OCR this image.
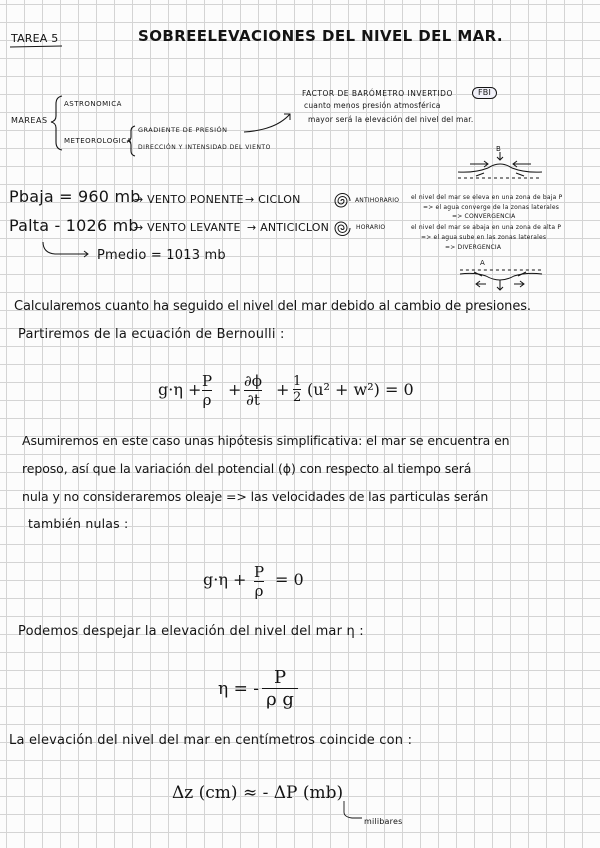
TAREA 5	SOBREELEVACIONES DEL NIVEL DEL MAR.
MAREAS
ASTRONOMICA
METEOROLOGICA
GRADIENTE DE PRESIÓN
DIRECCIÓN Y INTENSIDAD DEL VIENTO
FACTOR DE BARÓMETRO INVERTIDO	FBI
cuanto menos presión atmosférica
mayor será la elevación del nivel del mar.
B
Pbaja = 960 mb
→ VENTO PONENTE → CICLON	ANTIHORARIO
Palta - 1026 mb
→ VENTO LEVANTE → ANTICICLON	HORARIO
Pmedio = 1013 mb
el nivel del mar se eleva en una zona de baja P
=> el agua converge de la zonas laterales
=> CONVERGENCIA
el nivel del mar se abaja en una zona de alta P
=> el agua sube en las zonas laterales
=> DIVERGENCIA
A
Calcularemos cuanto ha seguido el nivel del mar debido al cambio de presiones.
Partiremos de la ecuación de Bernoulli :
Asumiremos en este caso unas hipótesis simplificativa: el mar se encuentra en
reposo, así que la variación del potencial (ϕ) con respecto al tiempo será
nula y no consideraremos oleaje => las velocidades de las particulas serán
también nulas :
Podemos despejar la elevación del nivel del mar η :
La elevación del nivel del mar en centímetros coincide con :
milibares
g·η + P
ρ
+ ∂ϕ
∂t
+ 1
2 (u² + w²) = 0
g·η + P
ρ
= 0
η = -
P
ρ g
Δz (cm) ≈ - ΔP (mb)
